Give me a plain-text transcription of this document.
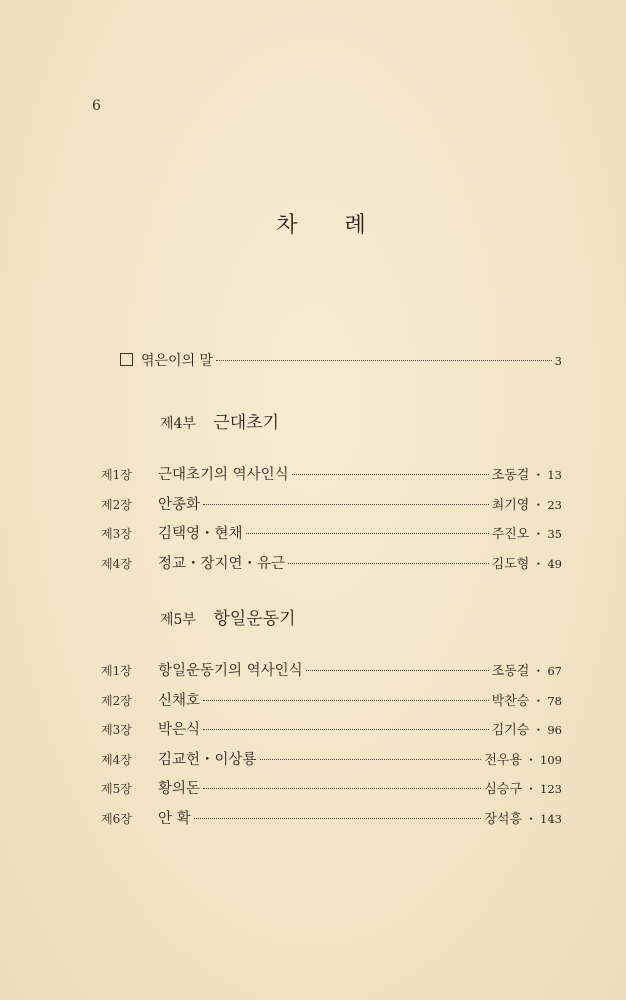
6
차 례
엮은이의 말	3
제4부 근대초기
제1장	근대초기의 역사인식	조동걸 ・ 13
제2장	안종화	최기영 ・ 23
제3장	김택영・현채	주진오 ・ 35
제4장	정교・장지연・유근	김도형 ・ 49
제5부 항일운동기
제1장	항일운동기의 역사인식	조동걸 ・ 67
제2장	신채호	박찬승 ・ 78
제3장	박은식	김기승 ・ 96
제4장	김교헌・이상룡	전우용 ・ 109
제5장	황의돈	심승구 ・ 123
제6장	안 확	장석흥 ・ 143
